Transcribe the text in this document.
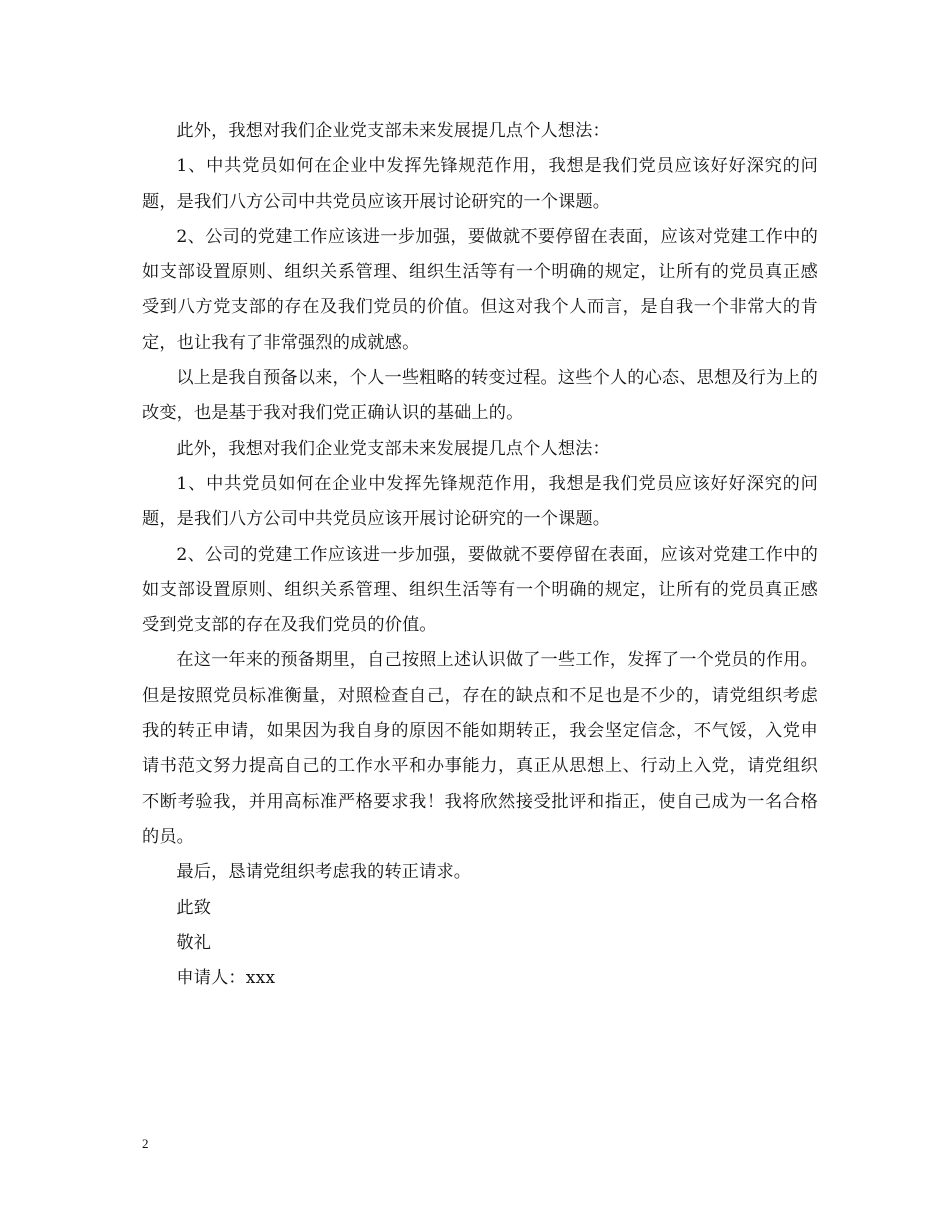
此外，我想对我们企业党支部未来发展提几点个人想法：

1、中共党员如何在企业中发挥先锋规范作用，我想是我们党员应该好好深究的问题，是我们八方公司中共党员应该开展讨论研究的一个课题。

2、公司的党建工作应该进一步加强，要做就不要停留在表面，应该对党建工作中的如支部设置原则、组织关系管理、组织生活等有一个明确的规定，让所有的党员真正感受到八方党支部的存在及我们党员的价值。但这对我个人而言，是自我一个非常大的肯定，也让我有了非常强烈的成就感。

以上是我自预备以来，个人一些粗略的转变过程。这些个人的心态、思想及行为上的改变，也是基于我对我们党正确认识的基础上的。

此外，我想对我们企业党支部未来发展提几点个人想法：

1、中共党员如何在企业中发挥先锋规范作用，我想是我们党员应该好好深究的问题，是我们八方公司中共党员应该开展讨论研究的一个课题。

2、公司的党建工作应该进一步加强，要做就不要停留在表面，应该对党建工作中的如支部设置原则、组织关系管理、组织生活等有一个明确的规定，让所有的党员真正感受到党支部的存在及我们党员的价值。

在这一年来的预备期里，自己按照上述认识做了一些工作，发挥了一个党员的作用。但是按照党员标准衡量，对照检查自己，存在的缺点和不足也是不少的，请党组织考虑我的转正申请，如果因为我自身的原因不能如期转正，我会坚定信念，不气馁，入党申请书范文努力提高自己的工作水平和办事能力，真正从思想上、行动上入党，请党组织不断考验我，并用高标准严格要求我！我将欣然接受批评和指正，使自己成为一名合格的员。

最后，恳请党组织考虑我的转正请求。

此致

敬礼

申请人：xxx

2
